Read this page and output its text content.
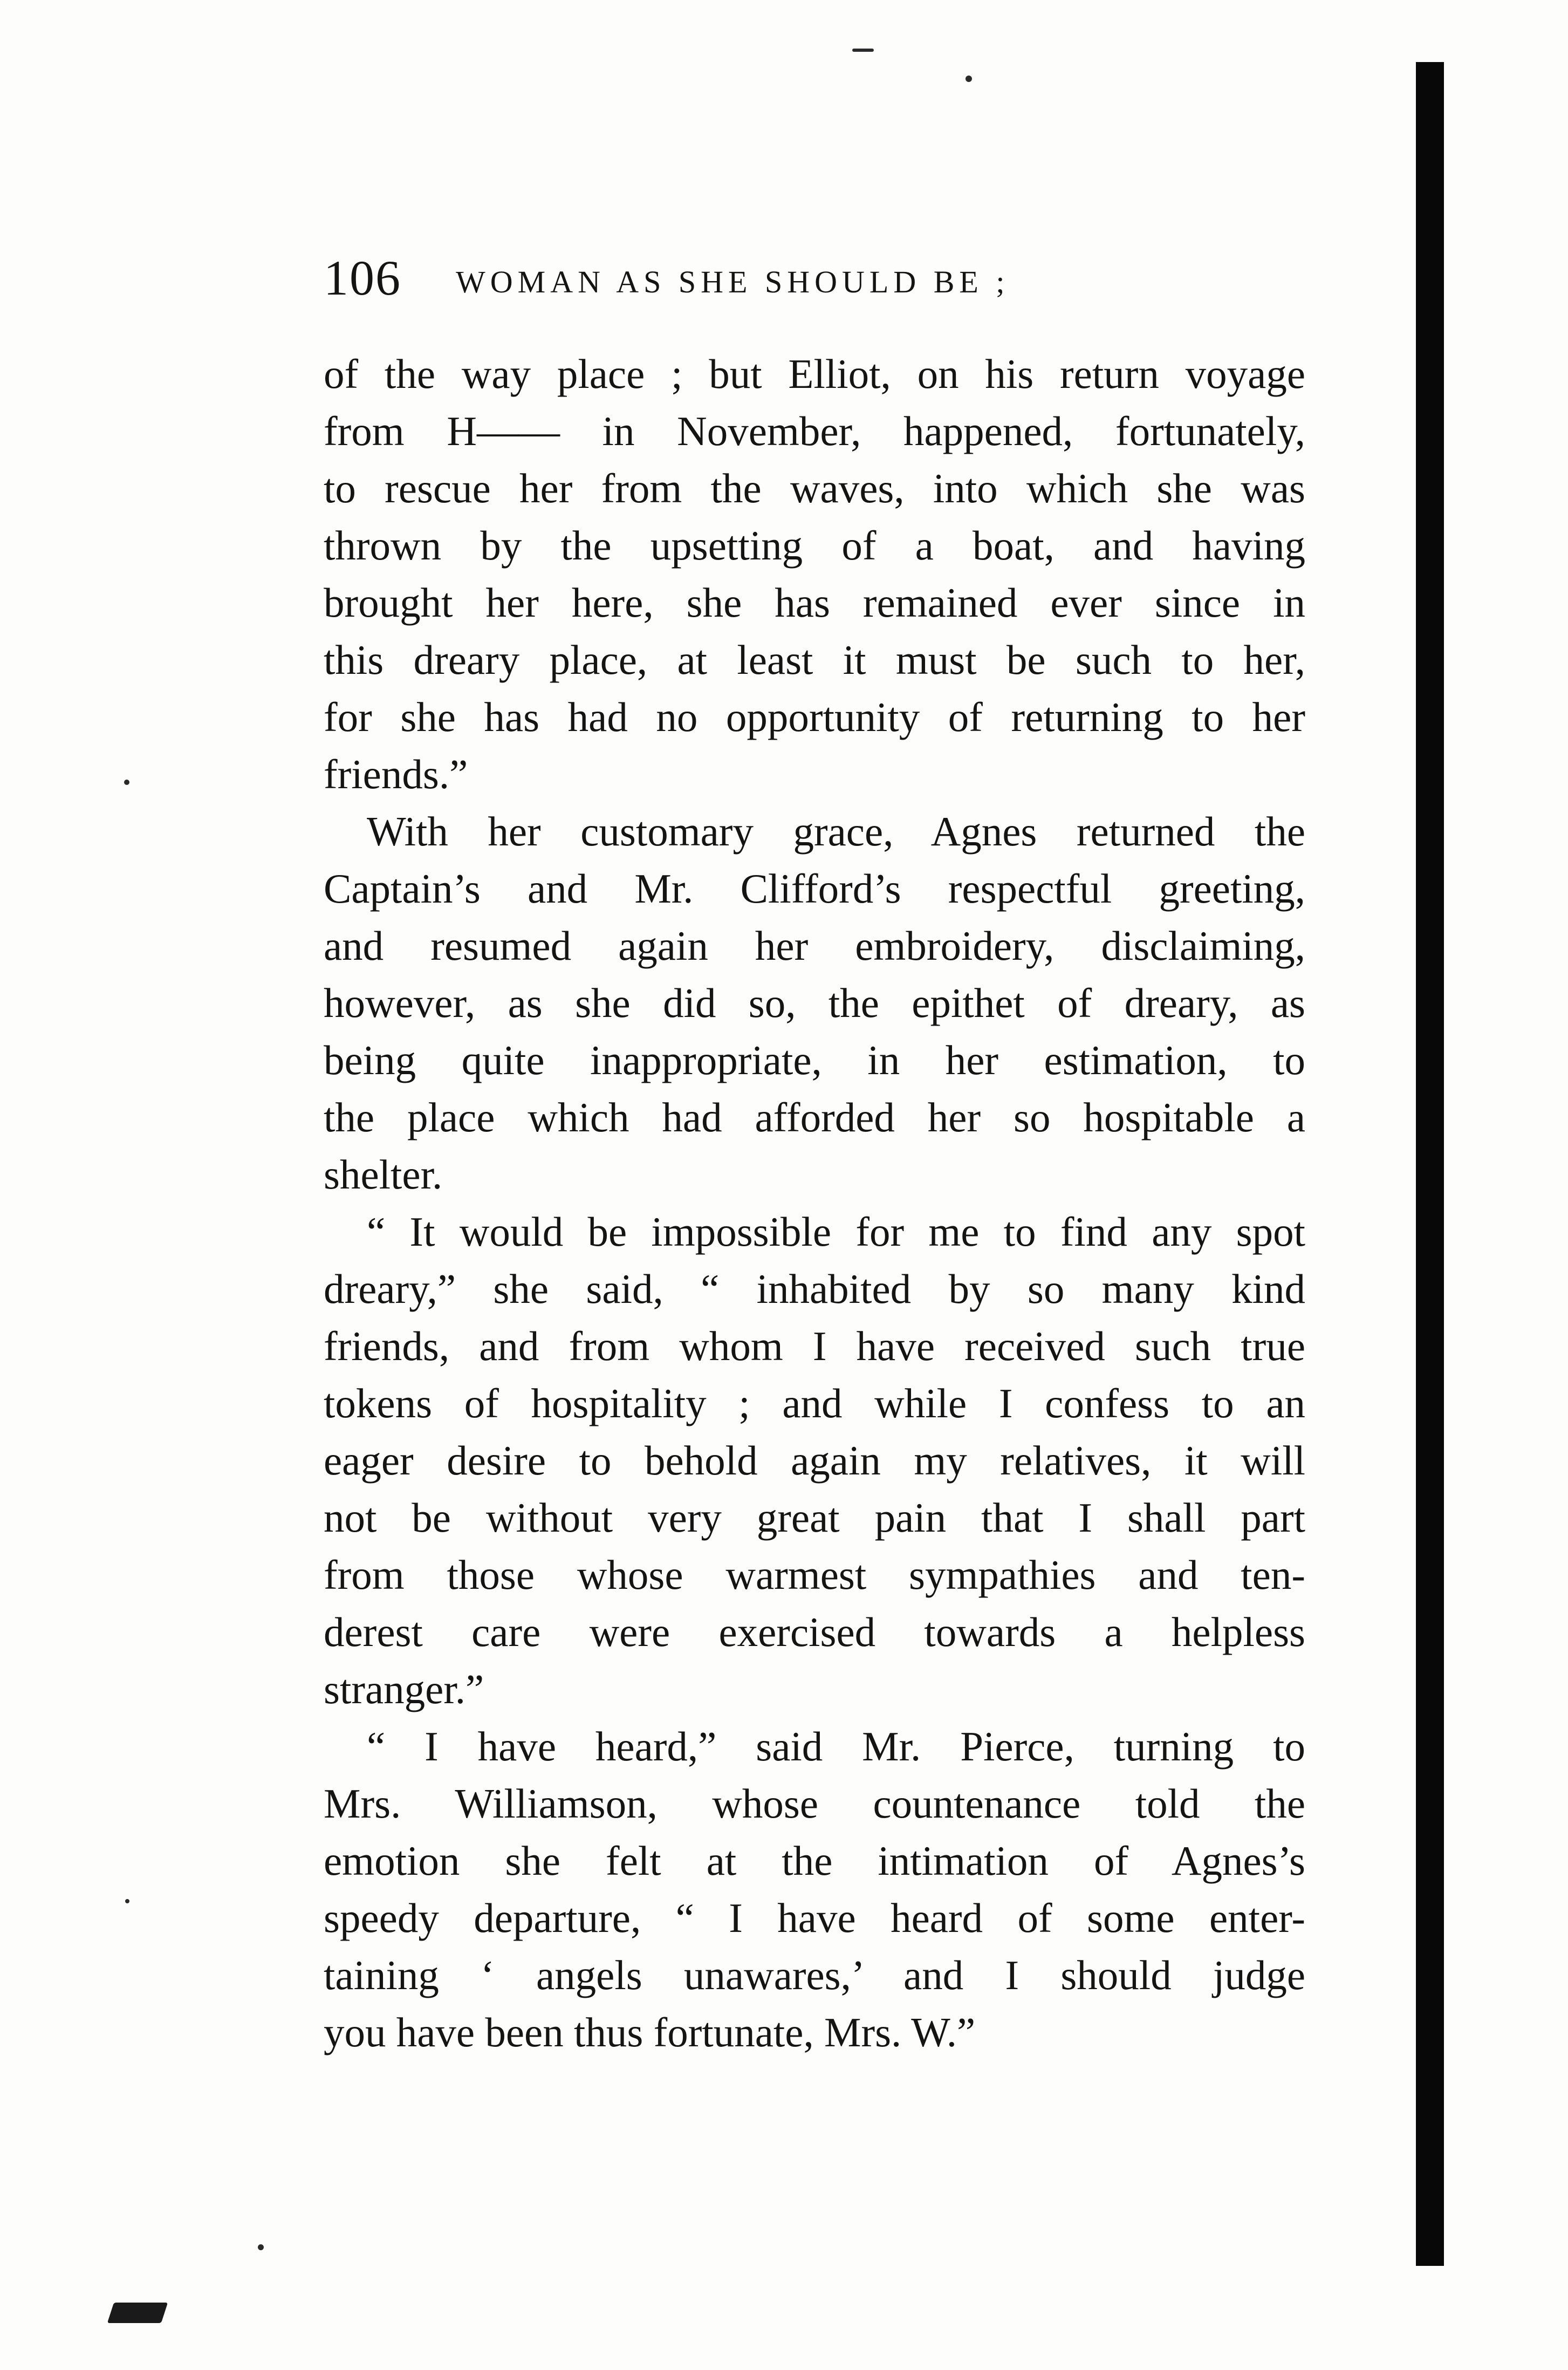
106 WOMAN AS SHE SHOULD BE ;

of the way place ; but Elliot, on his return voyage
from H—— in November, happened, fortunately,
to rescue her from the waves, into which she was
thrown by the upsetting of a boat, and having
brought her here, she has remained ever since in
this dreary place, at least it must be such to her,
for she has had no opportunity of returning to her
friends.”

With her customary grace, Agnes returned the
Captain’s and Mr. Clifford’s respectful greeting,
and resumed again her embroidery, disclaiming,
however, as she did so, the epithet of dreary, as
being quite inappropriate, in her estimation, to
the place which had afforded her so hospitable a
shelter.

“ It would be impossible for me to find any spot
dreary,” she said, “ inhabited by so many kind
friends, and from whom I have received such true
tokens of hospitality ; and while I confess to an
eager desire to behold again my relatives, it will
not be without very great pain that I shall part
from those whose warmest sympathies and ten-
derest care were exercised towards a helpless
stranger.”

“ I have heard,” said Mr. Pierce, turning to
Mrs. Williamson, whose countenance told the
emotion she felt at the intimation of Agnes’s
speedy departure, “ I have heard of some enter-
taining ‘ angels unawares,’ and I should judge
you have been thus fortunate, Mrs. W.”
